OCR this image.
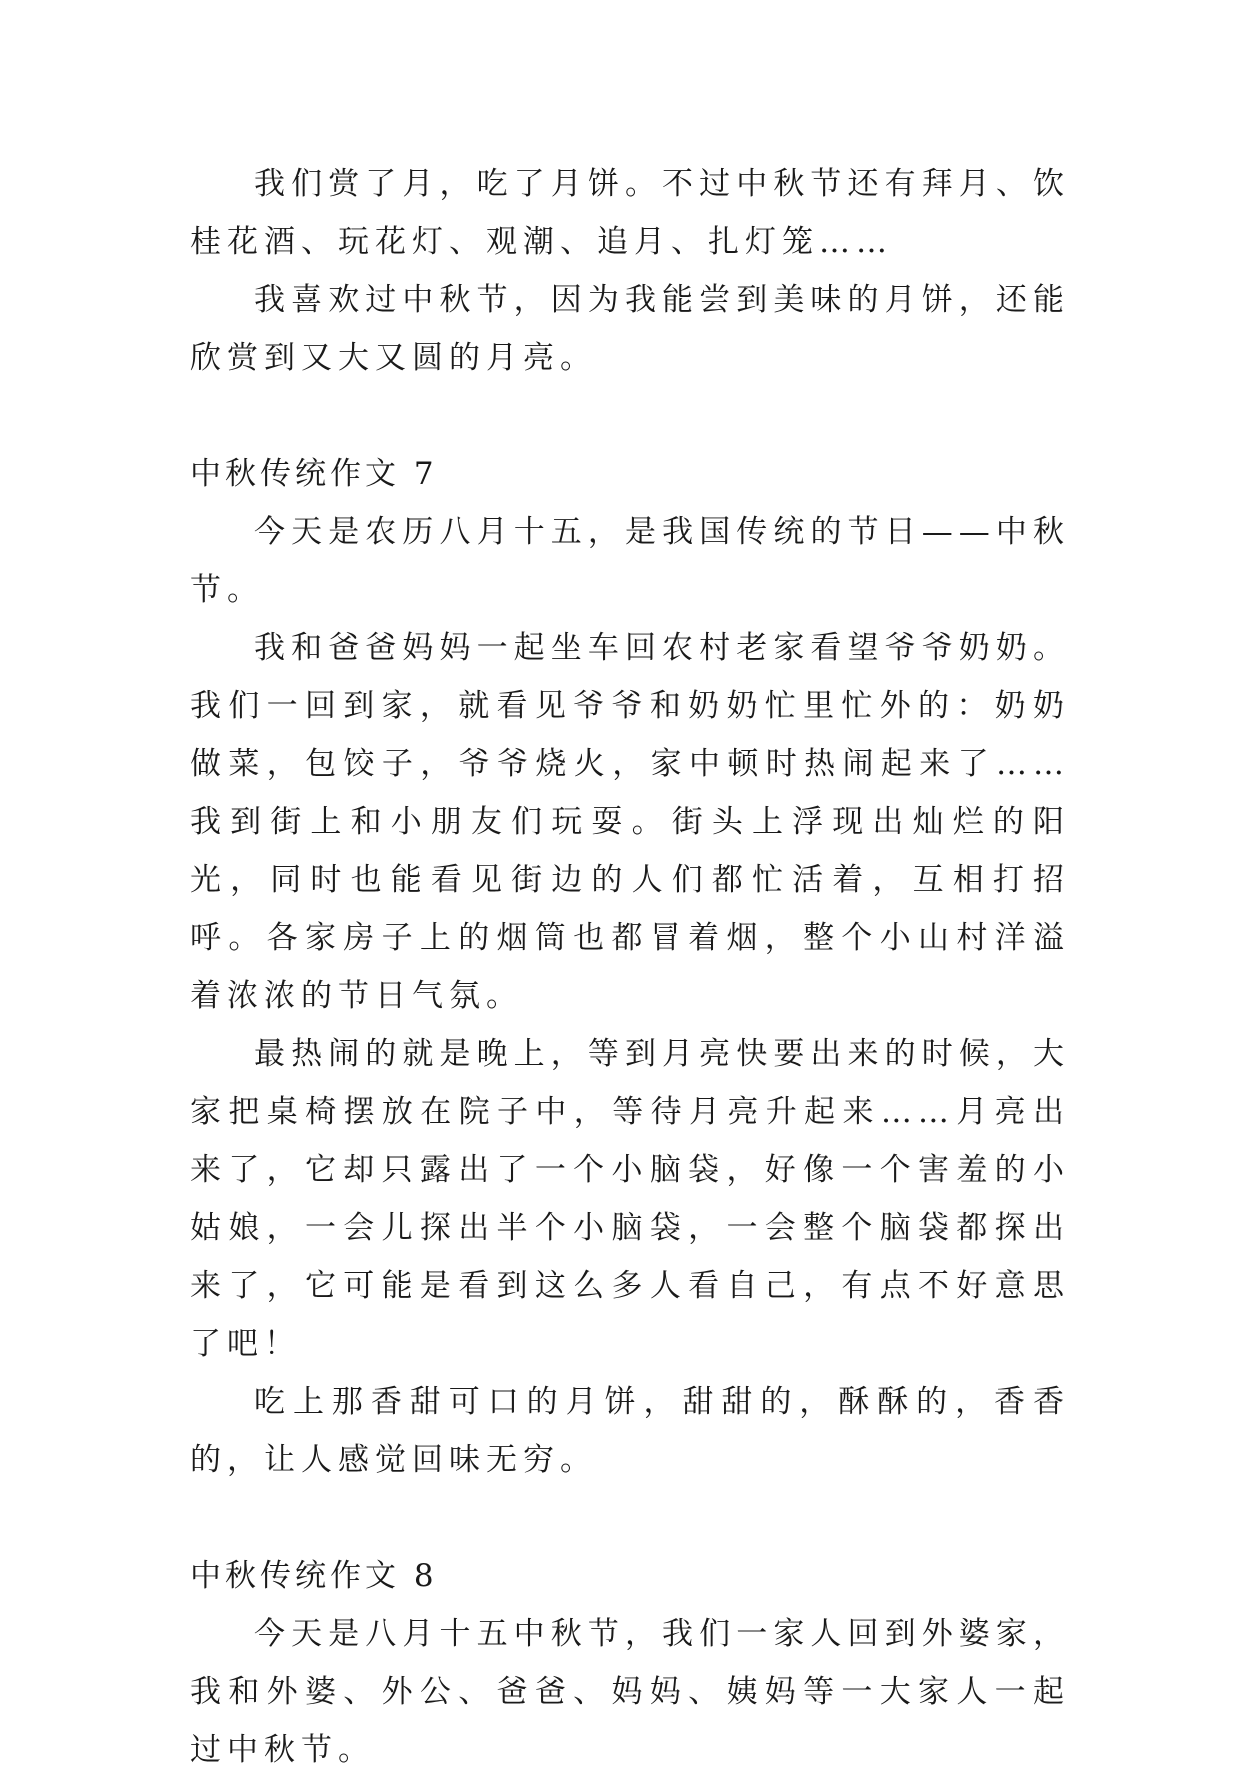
我们赏了月，吃了月饼。不过中秋节还有拜月、饮桂花酒、玩花灯、观潮、追月、扎灯笼……

我喜欢过中秋节，因为我能尝到美味的月饼，还能欣赏到又大又圆的月亮。

中秋传统作文 7

今天是农历八月十五，是我国传统的节日——中秋节。

我和爸爸妈妈一起坐车回农村老家看望爷爷奶奶。我们一回到家，就看见爷爷和奶奶忙里忙外的：奶奶做菜，包饺子，爷爷烧火，家中顿时热闹起来了……我到街上和小朋友们玩耍。街头上浮现出灿烂的阳光，同时也能看见街边的人们都忙活着，互相打招呼。各家房子上的烟筒也都冒着烟，整个小山村洋溢着浓浓的节日气氛。

最热闹的就是晚上，等到月亮快要出来的时候，大家把桌椅摆放在院子中，等待月亮升起来……月亮出来了，它却只露出了一个小脑袋，好像一个害羞的小姑娘，一会儿探出半个小脑袋，一会整个脑袋都探出来了，它可能是看到这么多人看自己，有点不好意思了吧！

吃上那香甜可口的月饼，甜甜的，酥酥的，香香的，让人感觉回味无穷。

中秋传统作文 8

今天是八月十五中秋节，我们一家人回到外婆家，我和外婆、外公、爸爸、妈妈、姨妈等一大家人一起过中秋节。
